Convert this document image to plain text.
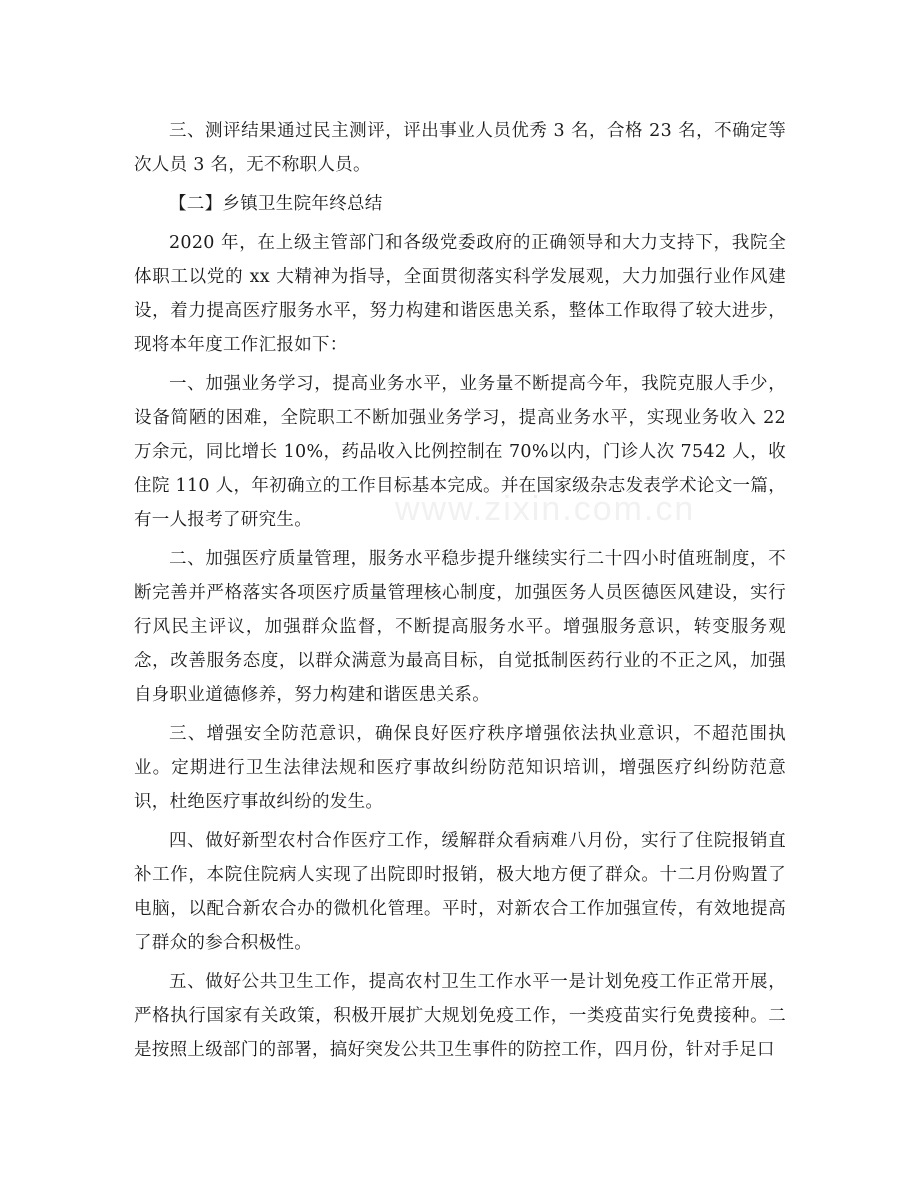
三、测评结果通过民主测评，评出事业人员优秀 3 名，合格 23 名，不确定等次人员 3 名，无不称职人员。

【二】乡镇卫生院年终总结

2020 年，在上级主管部门和各级党委政府的正确领导和大力支持下，我院全体职工以党的 xx 大精神为指导，全面贯彻落实科学发展观，大力加强行业作风建设，着力提高医疗服务水平，努力构建和谐医患关系，整体工作取得了较大进步，现将本年度工作汇报如下：

一、加强业务学习，提高业务水平，业务量不断提高今年，我院克服人手少，设备简陋的困难，全院职工不断加强业务学习，提高业务水平，实现业务收入 22 万余元，同比增长 10%，药品收入比例控制在 70%以内，门诊人次 7542 人，收住院 110 人，年初确立的工作目标基本完成。并在国家级杂志发表学术论文一篇，有一人报考了研究生。

二、加强医疗质量管理，服务水平稳步提升继续实行二十四小时值班制度，不断完善并严格落实各项医疗质量管理核心制度，加强医务人员医德医风建设，实行行风民主评议，加强群众监督，不断提高服务水平。增强服务意识，转变服务观念，改善服务态度，以群众满意为最高目标，自觉抵制医药行业的不正之风，加强自身职业道德修养，努力构建和谐医患关系。

三、增强安全防范意识，确保良好医疗秩序增强依法执业意识，不超范围执业。定期进行卫生法律法规和医疗事故纠纷防范知识培训，增强医疗纠纷防范意识，杜绝医疗事故纠纷的发生。

四、做好新型农村合作医疗工作，缓解群众看病难八月份，实行了住院报销直补工作，本院住院病人实现了出院即时报销，极大地方便了群众。十二月份购置了电脑，以配合新农合办的微机化管理。平时，对新农合工作加强宣传，有效地提高了群众的参合积极性。

五、做好公共卫生工作，提高农村卫生工作水平一是计划免疫工作正常开展，严格执行国家有关政策，积极开展扩大规划免疫工作，一类疫苗实行免费接种。二是按照上级部门的部署，搞好突发公共卫生事件的防控工作，四月份，针对手足口

www.zixin.com.cn
